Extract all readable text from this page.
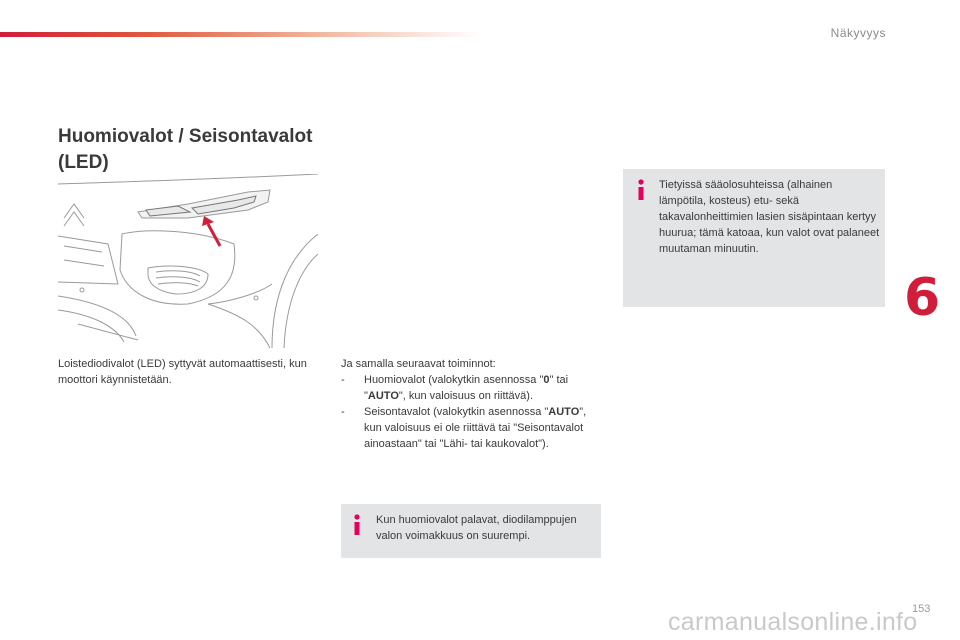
Näkyvyys
6
Huomiovalot / Seisontavalot (LED)
Loistediodivalot (LED) syttyvät automaattisesti, kun moottori käynnistetään.
Ja samalla seuraavat toiminnot:
-	Huomiovalot (valokytkin asennossa "0" tai "AUTO", kun valoisuus on riittävä).
-	Seisontavalot (valokytkin asennossa "AUTO", kun valoisuus ei ole riittävä tai "Seisontavalot ainoastaan" tai "Lähi- tai kaukovalot").
Kun huomiovalot palavat, diodilamppujen valon voimakkuus on suurempi.
Tietyissä sääolosuhteissa (alhainen lämpötila, kosteus) etu- sekä takavalonheittimien lasien sisäpintaan kertyy huurua; tämä katoaa, kun valot ovat palaneet muutaman minuutin.
carmanualsonline.info
153
